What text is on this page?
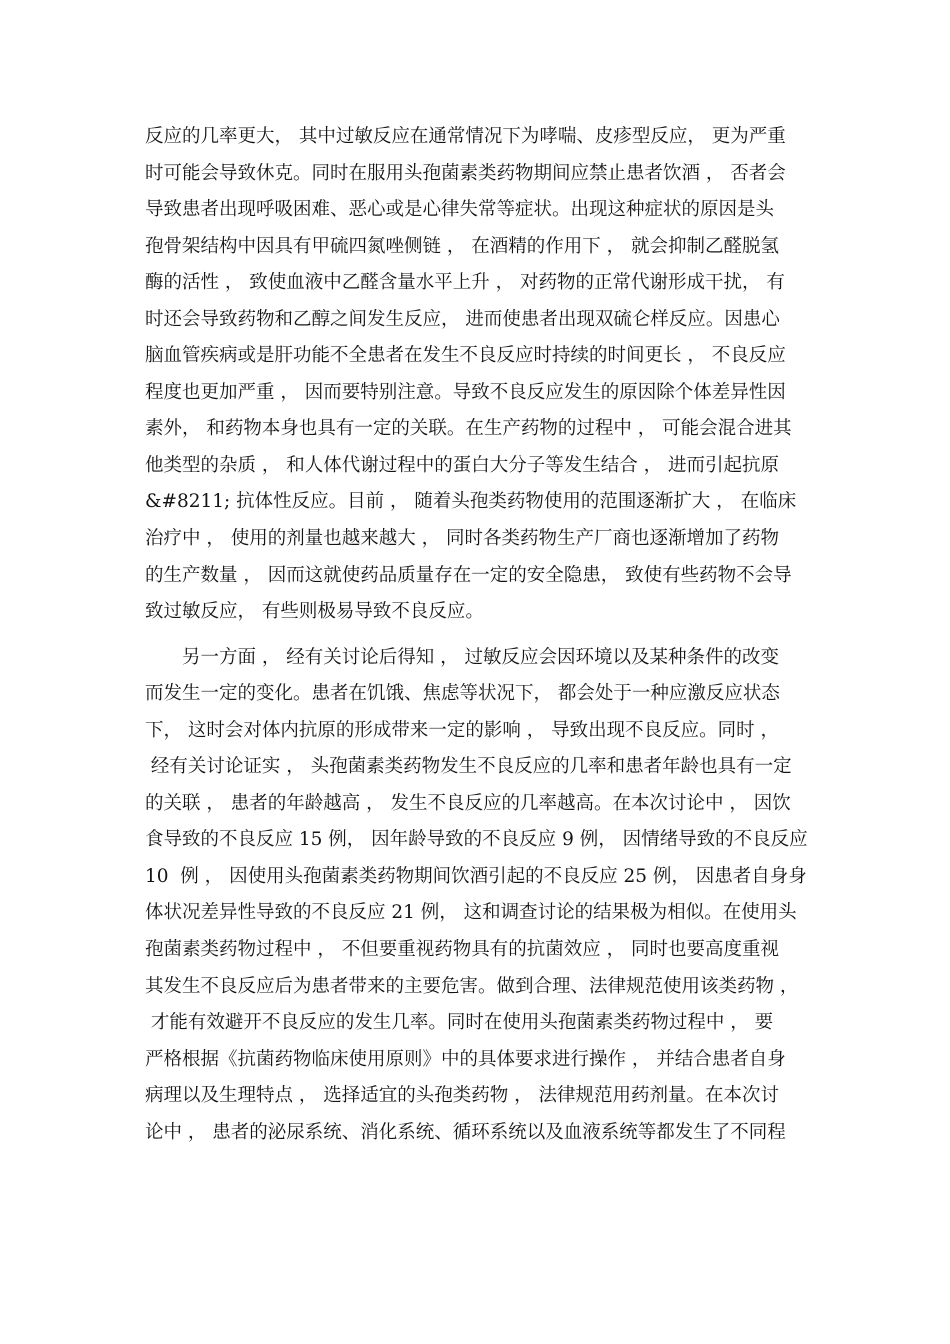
反应的几率更大， 其中过敏反应在通常情况下为哮喘、皮疹型反应， 更为严重
时可能会导致休克。同时在服用头孢菌素类药物期间应禁止患者饮酒 ， 否者会
导致患者出现呼吸困难、恶心或是心律失常等症状。出现这种症状的原因是头
孢骨架结构中因具有甲硫四氮唑侧链 ， 在酒精的作用下 ， 就会抑制乙醛脱氢
酶的活性 ， 致使血液中乙醛含量水平上升 ， 对药物的正常代谢形成干扰， 有
时还会导致药物和乙醇之间发生反应， 进而使患者出现双硫仑样反应。因患心
脑血管疾病或是肝功能不全患者在发生不良反应时持续的时间更长 ， 不良反应
程度也更加严重 ， 因而要特别注意。导致不良反应发生的原因除个体差异性因
素外， 和药物本身也具有一定的关联。在生产药物的过程中 ， 可能会混合进其
他类型的杂质 ， 和人体代谢过程中的蛋白大分子等发生结合 ， 进而引起抗原
&#8211; 抗体性反应。目前 ， 随着头孢类药物使用的范围逐渐扩大 ， 在临床
治疗中 ， 使用的剂量也越来越大 ， 同时各类药物生产厂商也逐渐增加了药物
的生产数量 ， 因而这就使药品质量存在一定的安全隐患， 致使有些药物不会导
致过敏反应， 有些则极易导致不良反应。
　　另一方面 ， 经有关讨论后得知 ， 过敏反应会因环境以及某种条件的改变
而发生一定的变化。患者在饥饿、焦虑等状况下， 都会处于一种应激反应状态
下， 这时会对体内抗原的形成带来一定的影响 ， 导致出现不良反应。同时 ，
经有关讨论证实 ， 头孢菌素类药物发生不良反应的几率和患者年龄也具有一定
的关联 ， 患者的年龄越高 ， 发生不良反应的几率越高。在本次讨论中 ， 因饮
食导致的不良反应 15 例， 因年龄导致的不良反应 9 例， 因情绪导致的不良反应
10  例 ， 因使用头孢菌素类药物期间饮酒引起的不良反应 25 例， 因患者自身身
体状况差异性导致的不良反应 21 例， 这和调查讨论的结果极为相似。在使用头
孢菌素类药物过程中 ， 不但要重视药物具有的抗菌效应 ， 同时也要高度重视
其发生不良反应后为患者带来的主要危害。做到合理、法律规范使用该类药物 ，
才能有效避开不良反应的发生几率。同时在使用头孢菌素类药物过程中 ， 要
严格根据《抗菌药物临床使用原则》中的具体要求进行操作 ， 并结合患者自身
病理以及生理特点 ， 选择适宜的头孢类药物 ， 法律规范用药剂量。在本次讨
论中 ， 患者的泌尿系统、消化系统、循环系统以及血液系统等都发生了不同程
